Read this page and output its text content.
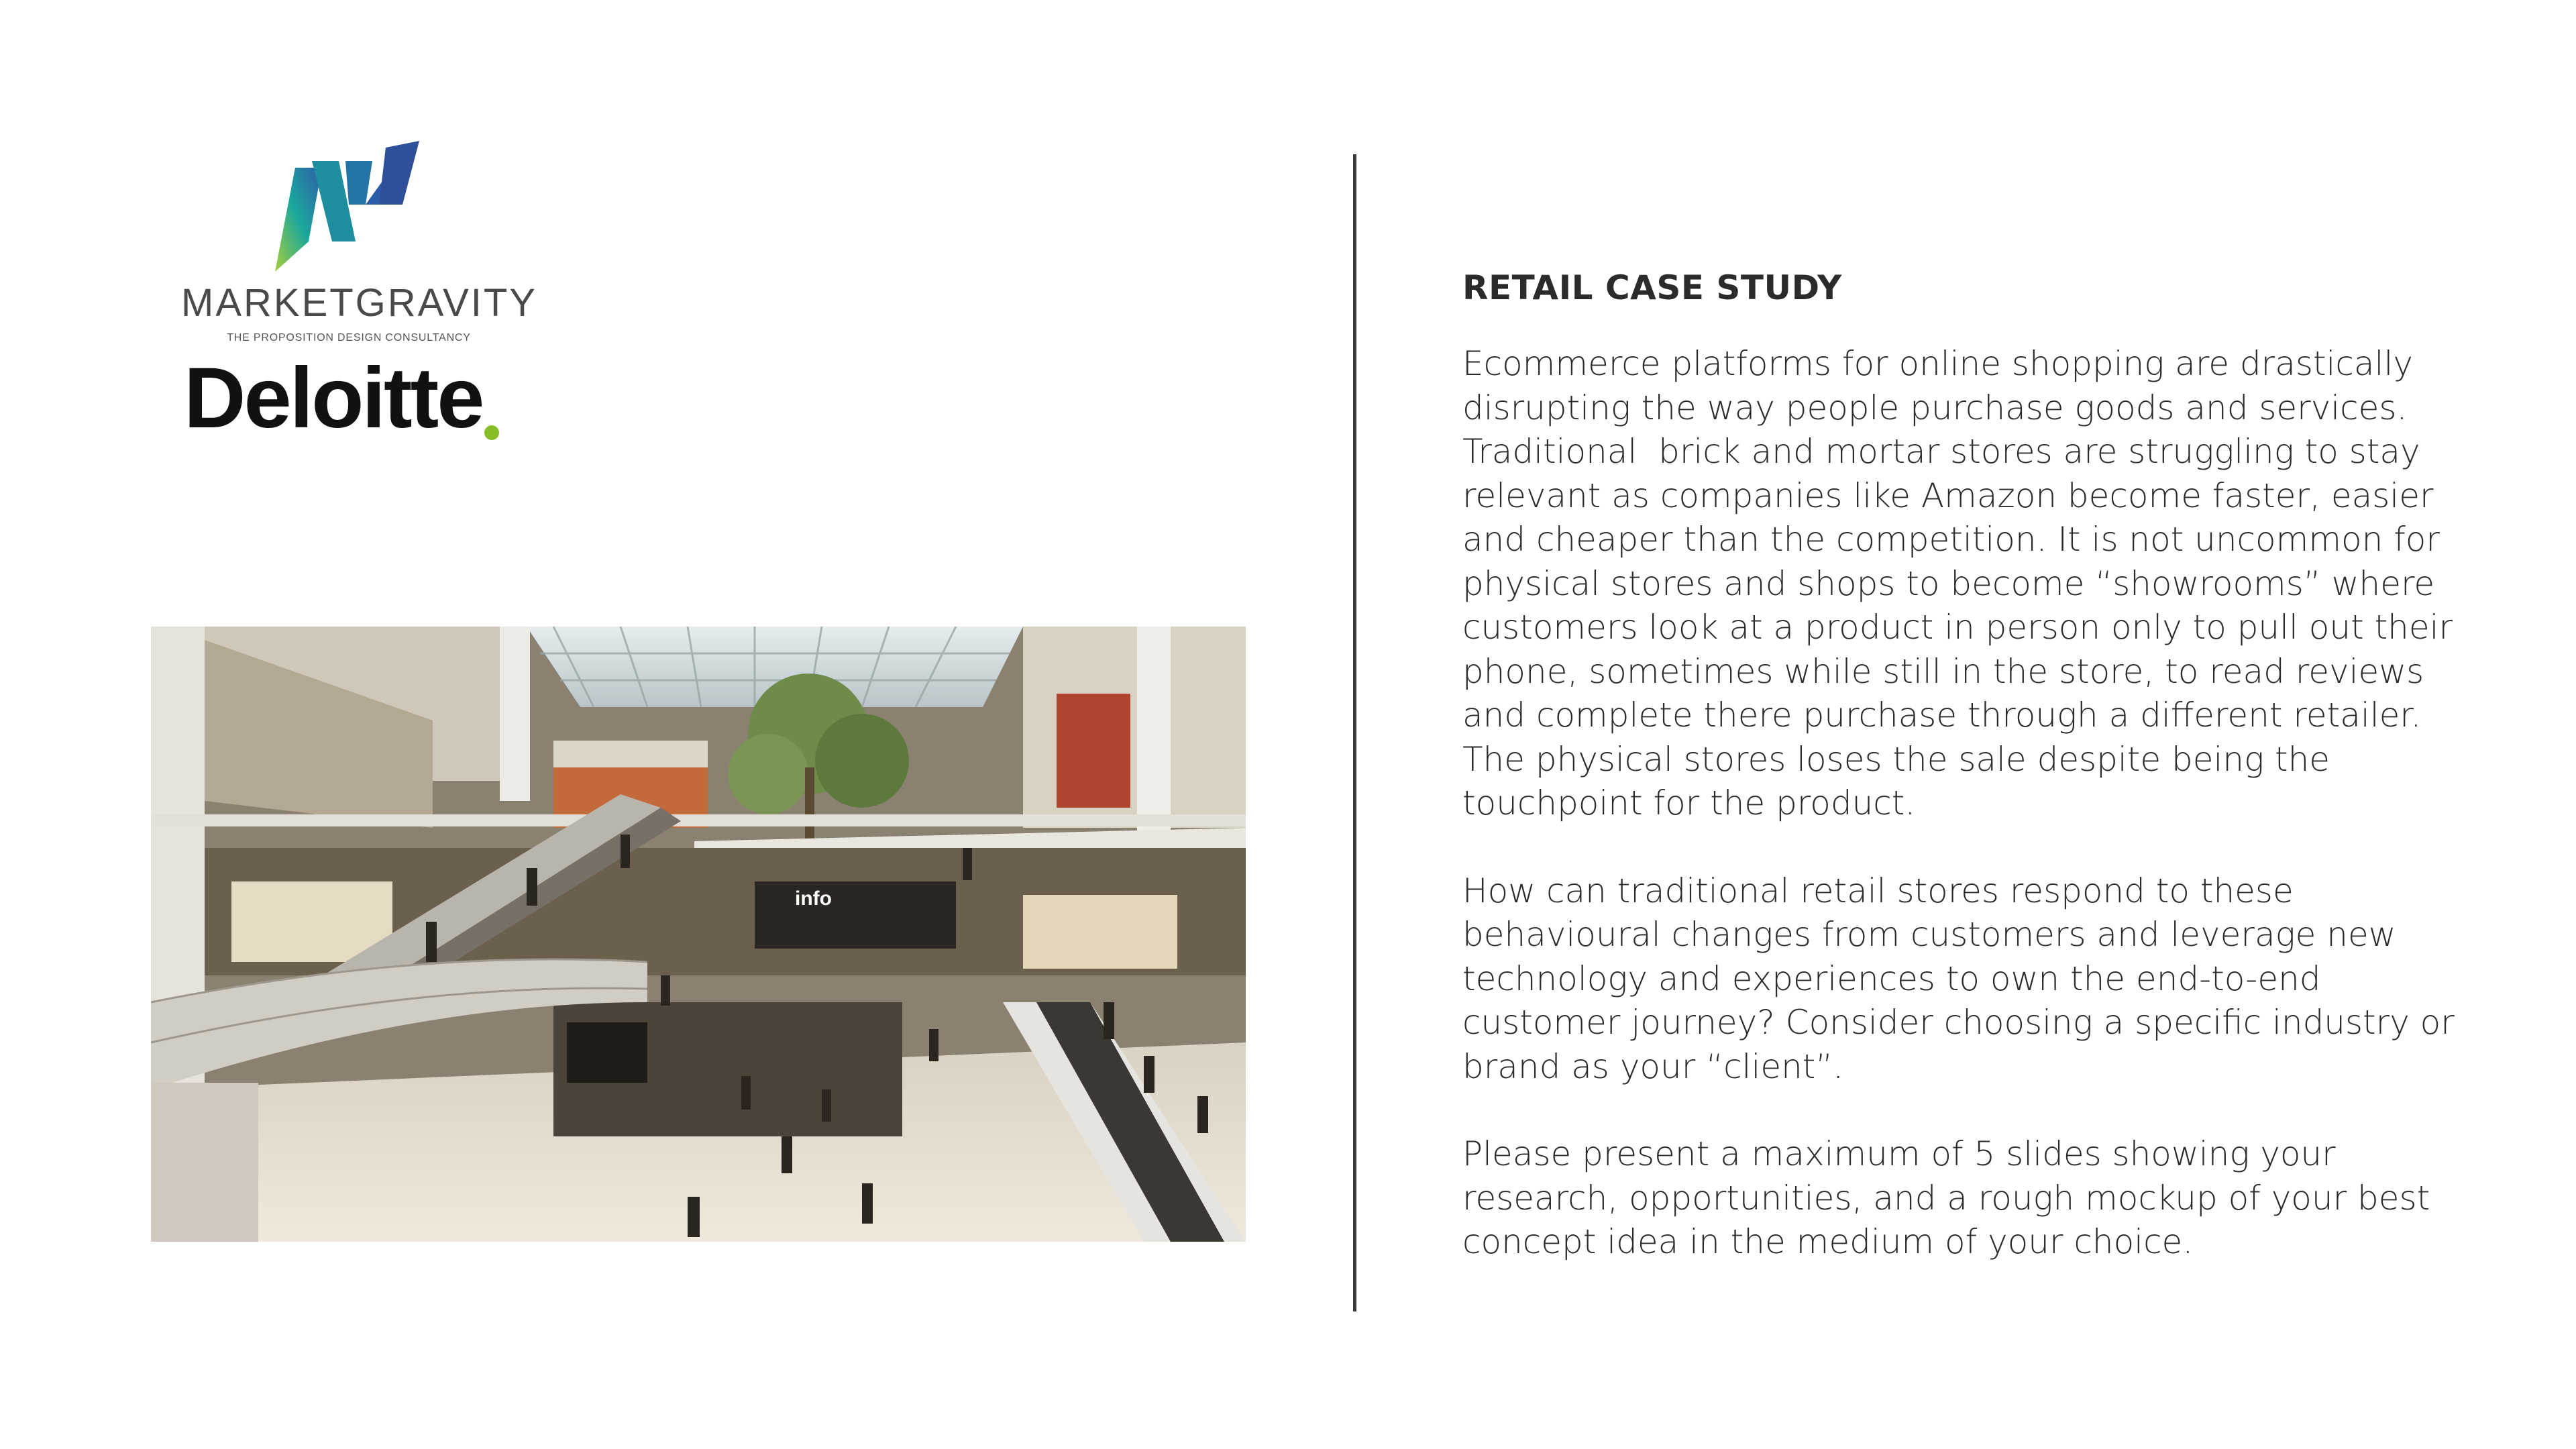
MARKETGRAVITY
THE PROPOSITION DESIGN CONSULTANCY
Deloitte
info
RETAIL CASE STUDY
Ecommerce platforms for online shopping are drastically
disrupting the way people purchase goods and services.
Traditional  brick and mortar stores are struggling to stay
relevant as companies like Amazon become faster, easier
and cheaper than the competition. It is not uncommon for
physical stores and shops to become “showrooms” where
customers look at a product in person only to pull out their
phone, sometimes while still in the store, to read reviews
and complete there purchase through a different retailer.
The physical stores loses the sale despite being the
touchpoint for the product.
How can traditional retail stores respond to these
behavioural changes from customers and leverage new
technology and experiences to own the end-to-end
customer journey? Consider choosing a specific industry or
brand as your “client”.
Please present a maximum of 5 slides showing your
research, opportunities, and a rough mockup of your best
concept idea in the medium of your choice.
